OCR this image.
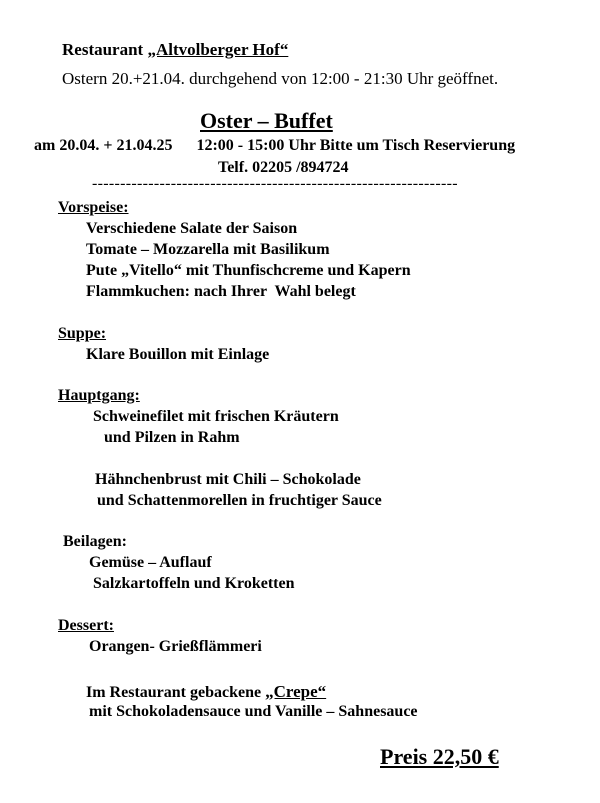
Restaurant „Altvolberger Hof“
Ostern 20.+21.04. durchgehend von 12:00 - 21:30 Uhr geöffnet.
Oster – Buffet
am 20.04. + 21.04.25      12:00 - 15:00 Uhr Bitte um Tisch Reservierung
Telf. 02205 /894724
-----------------------------------------------------------------
Vorspeise:
Verschiedene Salate der Saison
Tomate – Mozzarella mit Basilikum
Pute „Vitello“ mit Thunfischcreme und Kapern
Flammkuchen: nach Ihrer  Wahl belegt
Suppe:
Klare Bouillon mit Einlage
Hauptgang:
Schweinefilet mit frischen Kräutern
und Pilzen in Rahm
Hähnchenbrust mit Chili – Schokolade
und Schattenmorellen in fruchtiger Sauce
Beilagen:
Gemüse – Auflauf
Salzkartoffeln und Kroketten
Dessert:
Orangen- Grießflämmeri
Im Restaurant gebackene „Crepe“
mit Schokoladensauce und Vanille – Sahnesauce
Preis 22,50 €
